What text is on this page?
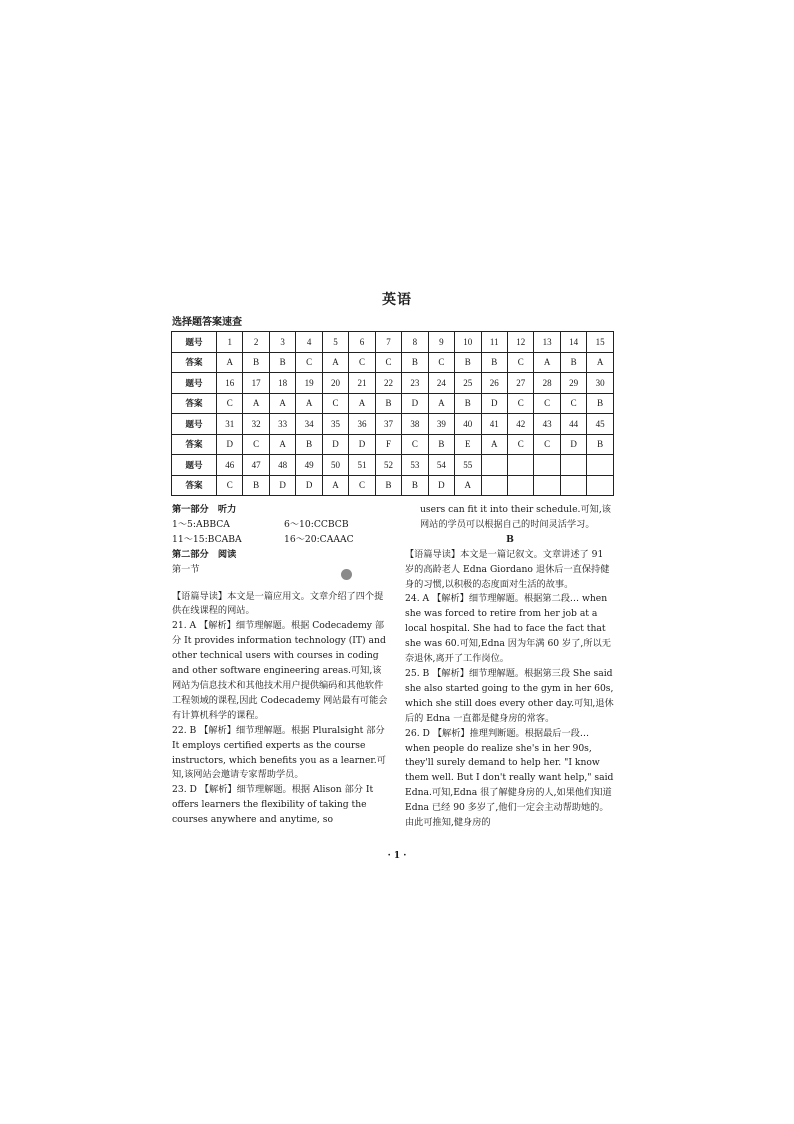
英语
选择题答案速查
题号	1	2	3	4	5	6	7	8	9	10	11	12	13	14	15
答案	A	B	B	C	A	C	C	B	C	B	B	C	A	B	A
题号	16	17	18	19	20	21	22	23	24	25	26	27	28	29	30
答案	C	A	A	A	C	A	B	D	A	B	D	C	C	C	B
题号	31	32	33	34	35	36	37	38	39	40	41	42	43	44	45
答案	D	C	A	B	D	D	F	C	B	E	A	C	C	D	B
题号	46	47	48	49	50	51	52	53	54	55					
答案	C	B	D	D	A	C	B	B	D	A					

第一部分　听力

1～5:ABBCA	6～10:CCBCB
11～15:BCABA	16～20:CAAAC

第二部分　阅读

第一节

【语篇导读】本文是一篇应用文。文章介绍了四个提供在线课程的网站。

21. A 【解析】细节理解题。根据 Codecademy 部分 It provides information technology (IT) and other technical users with courses in coding and other software engineering areas.可知,该网站为信息技术和其他技术用户提供编码和其他软件工程领域的课程,因此 Codecademy 网站最有可能会有计算机科学的课程。

22. B 【解析】细节理解题。根据 Pluralsight 部分 It employs certified experts as the course instructors, which benefits you as a learner.可知,该网站会邀请专家帮助学员。

23. D 【解析】细节理解题。根据 Alison 部分 It offers learners the flexibility of taking the courses anywhere and anytime, so

users can fit it into their schedule.可知,该网站的学员可以根据自己的时间灵活学习。

B

【语篇导读】本文是一篇记叙文。文章讲述了 91 岁的高龄老人 Edna Giordano 退休后一直保持健身的习惯,以积极的态度面对生活的故事。

24. A 【解析】细节理解题。根据第二段… when she was forced to retire from her job at a local hospital. She had to face the fact that she was 60.可知,Edna 因为年满 60 岁了,所以无奈退休,离开了工作岗位。

25. B 【解析】细节理解题。根据第三段 She said she also started going to the gym in her 60s, which she still does every other day.可知,退休后的 Edna 一直都是健身房的常客。

26. D 【解析】推理判断题。根据最后一段… when people do realize she's in her 90s, they'll surely demand to help her. "I know them well. But I don't really want help," said Edna.可知,Edna 很了解健身房的人,如果他们知道 Edna 已经 90 多岁了,他们一定会主动帮助她的。由此可推知,健身房的

· 1 ·
